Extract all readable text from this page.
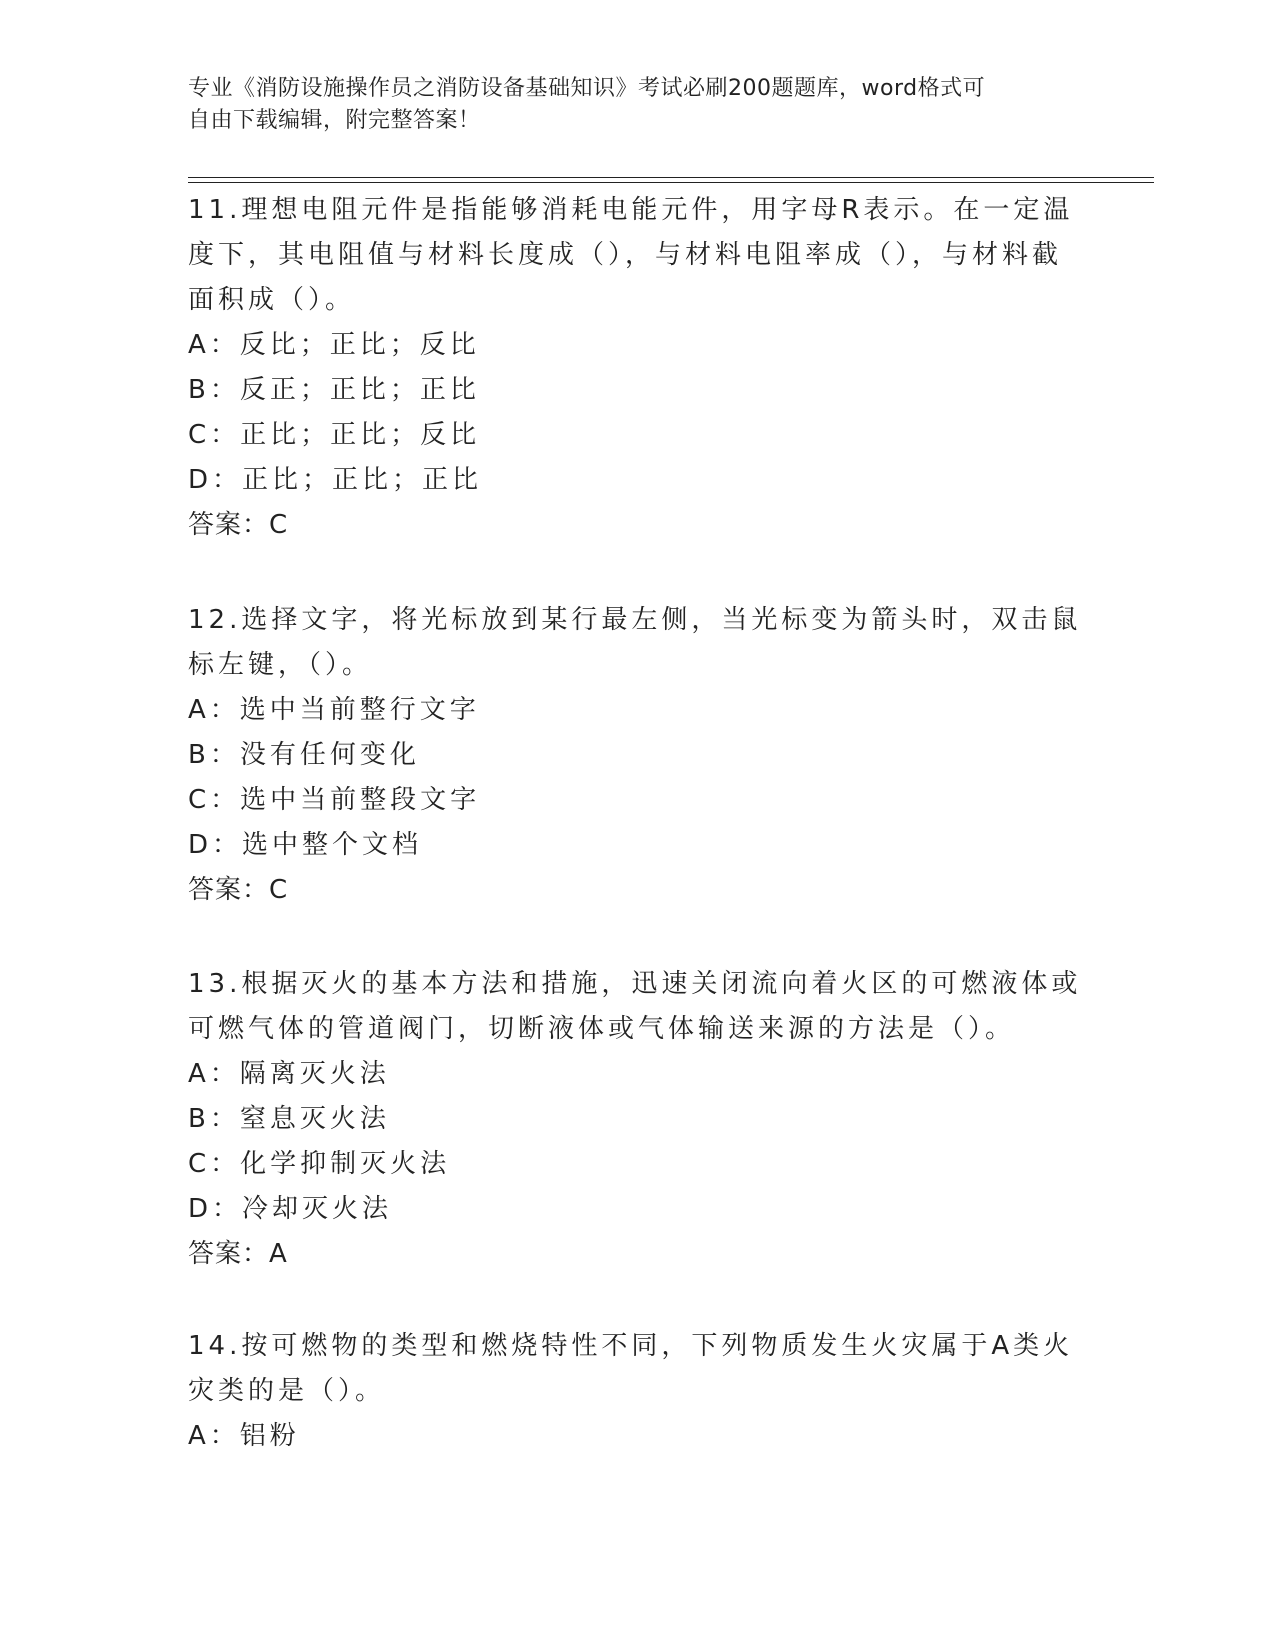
专业《消防设施操作员之消防设备基础知识》考试必刷200题题库，word格式可
自由下载编辑，附完整答案！

11.理想电阻元件是指能够消耗电能元件，用字母R表示。在一定温度下，其电阻值与材料长度成（），与材料电阻率成（），与材料截面积成（）。

A：反比；正比；反比

B：反正；正比；正比

C：正比；正比；反比

D：正比；正比；正比

答案：C

12.选择文字，将光标放到某行最左侧，当光标变为箭头时，双击鼠标左键，（）。

A：选中当前整行文字

B：没有任何变化

C：选中当前整段文字

D：选中整个文档

答案：C

13.根据灭火的基本方法和措施，迅速关闭流向着火区的可燃液体或可燃气体的管道阀门，切断液体或气体输送来源的方法是（）。

A：隔离灭火法

B：窒息灭火法

C：化学抑制灭火法

D：冷却灭火法

答案：A

14.按可燃物的类型和燃烧特性不同，下列物质发生火灾属于A类火灾类的是（）。

A：铝粉
